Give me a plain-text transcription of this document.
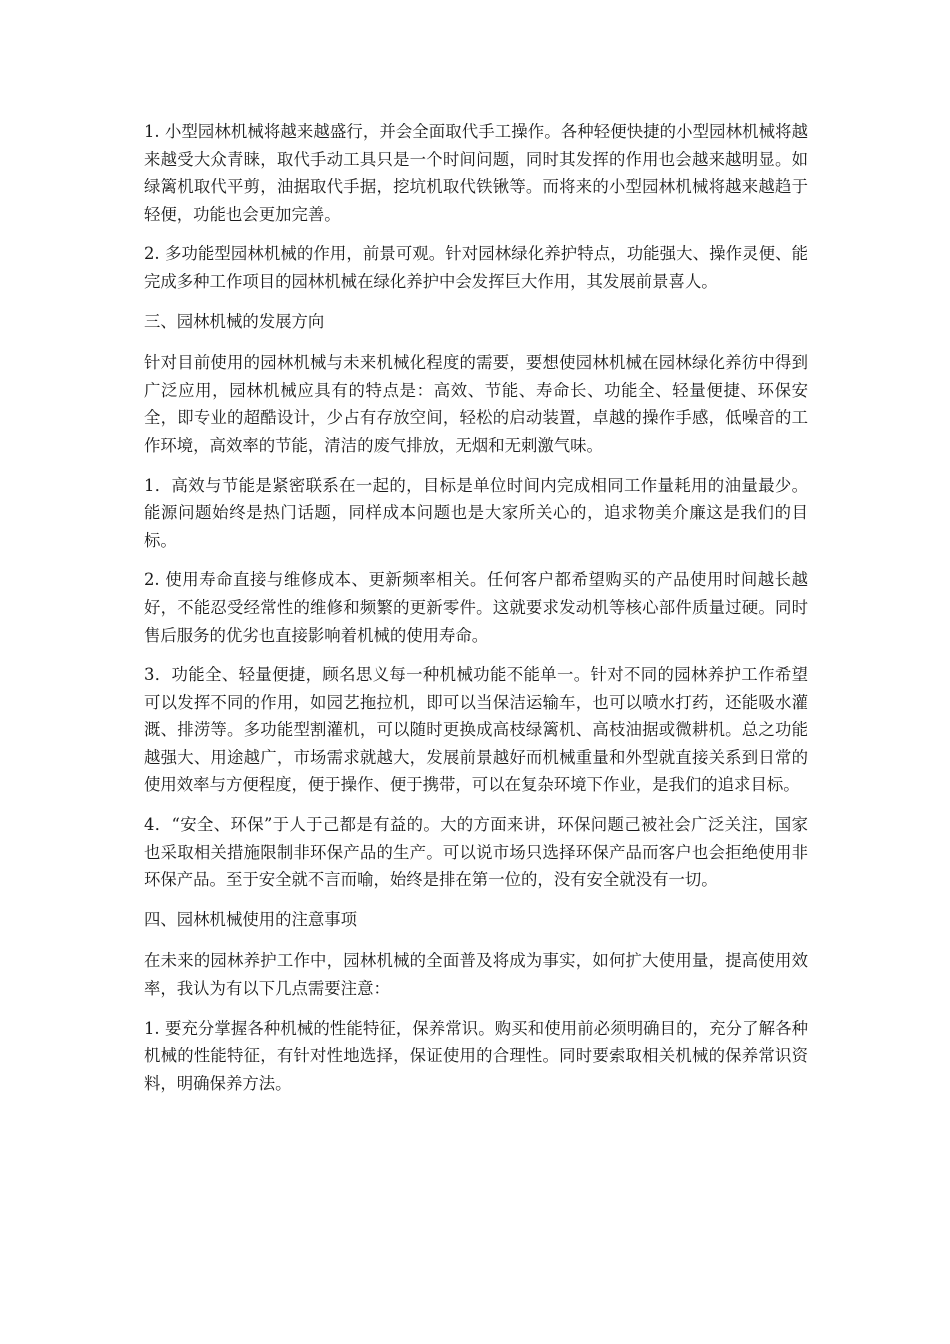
1. 小型园林机械将越来越盛行，并会全面取代手工操作。各种轻便快捷的小型园林机械将越来越受大众青睐，取代手动工具只是一个时间问题，同时其发挥的作用也会越来越明显。如绿篱机取代平剪，油据取代手据，挖坑机取代铁锹等。而将来的小型园林机械将越来越趋于轻便，功能也会更加完善。

2. 多功能型园林机械的作用，前景可观。针对园林绿化养护特点，功能强大、操作灵便、能完成多种工作项目的园林机械在绿化养护中会发挥巨大作用，其发展前景喜人。

三、园林机械的发展方向

针对目前使用的园林机械与未来机械化程度的需要，要想使园林机械在园林绿化养彷中得到广泛应用，园林机械应具有的特点是：高效、节能、寿命长、功能全、轻量便捷、环保安全，即专业的超酷设计，少占有存放空间，轻松的启动装置，卓越的操作手感，低噪音的工作环境，高效率的节能，清洁的废气排放，无烟和无刺激气味。

1．高效与节能是紧密联系在一起的，目标是单位时间内完成相同工作量耗用的油量最少。能源问题始终是热门话题，同样成本问题也是大家所关心的，追求物美介廉这是我们的目标。

2. 使用寿命直接与维修成本、更新频率相关。任何客户都希望购买的产品使用时间越长越好，不能忍受经常性的维修和频繁的更新零件。这就要求发动机等核心部件质量过硬。同时售后服务的优劣也直接影响着机械的使用寿命。

3．功能全、轻量便捷，顾名思义每一种机械功能不能单一。针对不同的园林养护工作希望可以发挥不同的作用，如园艺拖拉机，即可以当保洁运输车，也可以喷水打药，还能吸水灌溉、排涝等。多功能型割灌机，可以随时更换成高枝绿篱机、高枝油据或微耕机。总之功能越强大、用途越广，市场需求就越大，发展前景越好而机械重量和外型就直接关系到日常的使用效率与方便程度，便于操作、便于携带，可以在复杂环境下作业，是我们的追求目标。

4．“安全、环保”于人于己都是有益的。大的方面来讲，环保问题己被社会广泛关注，国家也采取相关措施限制非环保产品的生产。可以说市场只选择环保产品而客户也会拒绝使用非环保产品。至于安全就不言而喻，始终是排在第一位的，没有安全就没有一切。

四、园林机械使用的注意事项

在未来的园林养护工作中，园林机械的全面普及将成为事实，如何扩大使用量，提高使用效率，我认为有以下几点需要注意：

1. 要充分掌握各种机械的性能特征，保养常识。购买和使用前必须明确目的，充分了解各种机械的性能特征，有针对性地选择，保证使用的合理性。同时要索取相关机械的保养常识资料，明确保养方法。
